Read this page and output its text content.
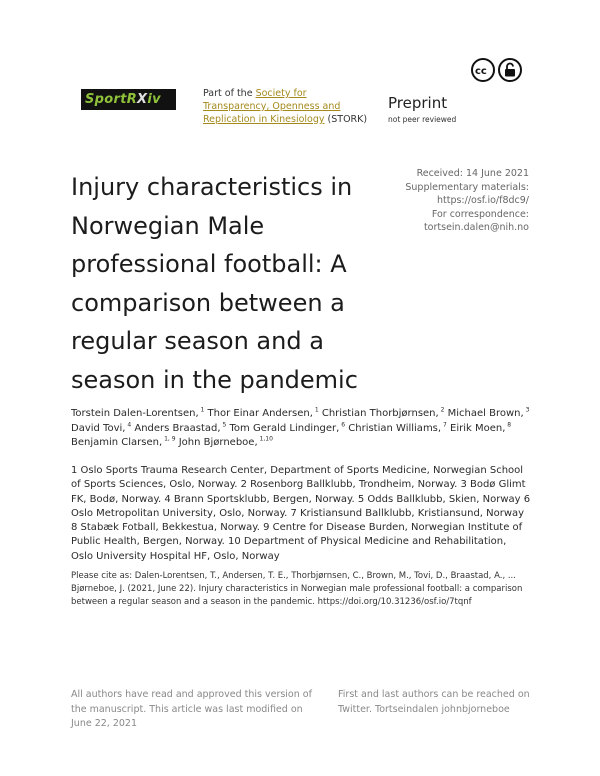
SportRXiv	Part of the Society for Transparency, Openness and Replication in Kinesiology (STORK)
cc
Preprint
not peer reviewed
Received: 14 June 2021
Supplementary materials:
https://osf.io/f8dc9/
For correspondence:
tortsein.dalen@nih.no
Injury characteristics in Norwegian Male professional football: A comparison between a regular season and a season in the pandemic
Torstein Dalen-Lorentsen, $^1$ Thor Einar Andersen, $^1$ Christian Thorbjørnsen, $^2$ Michael Brown, $^3$ David Tovi, $^4$ Anders Braastad, $^5$ Tom Gerald Lindinger, $^6$ Christian Williams, $^7$ Eirik Moen, $^8$ Benjamin Clarsen, $^{1, 9}$ John Bjørneboe, $^{1,10}$
1 Oslo Sports Trauma Research Center, Department of Sports Medicine, Norwegian School of Sports Sciences, Oslo, Norway. 2 Rosenborg Ballklubb, Trondheim, Norway. 3 Bodø Glimt FK, Bodø, Norway. 4 Brann Sportsklubb, Bergen, Norway. 5 Odds Ballklubb, Skien, Norway 6 Oslo Metropolitan University, Oslo, Norway. 7 Kristiansund Ballklubb, Kristiansund, Norway 8 Stabæk Fotball, Bekkestua, Norway. 9 Centre for Disease Burden, Norwegian Institute of Public Health, Bergen, Norway. 10 Department of Physical Medicine and Rehabilitation, Oslo University Hospital HF, Oslo, Norway
Please cite as: Dalen-Lorentsen, T., Andersen, T. E., Thorbjørnsen, C., Brown, M., Tovi, D., Braastad, A., ... Bjørneboe, J. (2021, June 22). Injury characteristics in Norwegian male professional football: a comparison between a regular season and a season in the pandemic. https://doi.org/10.31236/osf.io/7tqnf
All authors have read and approved this version of the manuscript. This article was last modified on June 22, 2021
First and last authors can be reached on Twitter. Tortseindalen johnbjorneboe
